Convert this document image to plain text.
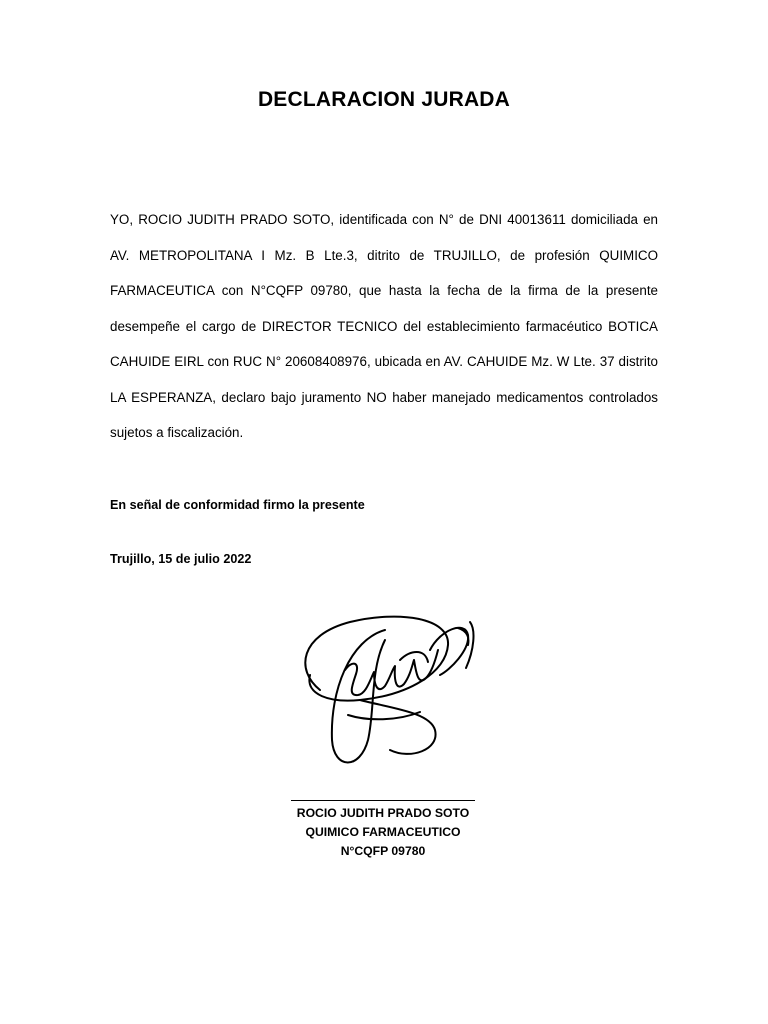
DECLARACION JURADA
YO, ROCIO JUDITH PRADO SOTO, identificada con N° de DNI 40013611 domiciliada en AV. METROPOLITANA I Mz. B Lte.3, ditrito de TRUJILLO, de profesión QUIMICO FARMACEUTICA con N°CQFP 09780, que hasta la fecha de la firma de la presente desempeñe el cargo de DIRECTOR TECNICO del establecimiento farmacéutico BOTICA CAHUIDE EIRL con RUC N° 20608408976, ubicada en AV. CAHUIDE Mz. W Lte. 37 distrito LA ESPERANZA, declaro bajo juramento NO haber manejado medicamentos controlados sujetos a fiscalización.
En señal de conformidad firmo la presente
Trujillo, 15 de julio 2022
ROCIO JUDITH PRADO SOTO
QUIMICO FARMACEUTICO
N°CQFP 09780
